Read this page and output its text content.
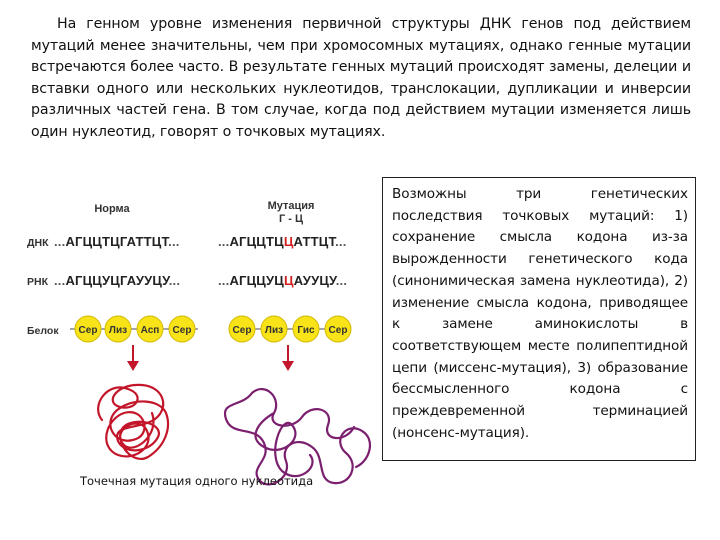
На генном уровне изменения первичной структуры ДНК генов под действием мутаций менее значительны, чем при хромосомных мутациях, однако генные мутации встречаются более часто. В результате генных мутаций происходят замены, делеции и вставки одного или нескольких нуклеотидов, транслокации, дупликации и инверсии различных частей гена. В том случае, когда под действием мутации изменяется лишь один нуклеотид, говорят о точковых мутациях.

Норма	Мутация
Г - Ц
ДНК
РНК
Белок
...АГЦЦТЦГАТТЦТ...
...АГЦЦУЦГАУУЦУ...
...АГЦЦТЦЦАТТЦТ...
...АГЦЦУЦЦАУУЦУ...
Сер Лиз Асп Сер	Сер Лиз Гис Сер
Точечная мутация одного нуклеотида
Возможны три генетических последствия точковых мутаций: 1) сохранение смысла кодона из-за вырожденности генетического кода (синонимическая замена нуклеотида), 2) изменение смысла кодона, приводящее к замене аминокислоты в соответствующем месте полипептидной цепи (миссенс-мутация), 3) образование бессмысленного кодона с преждевременной терминацией (нонсенс-мутация).
